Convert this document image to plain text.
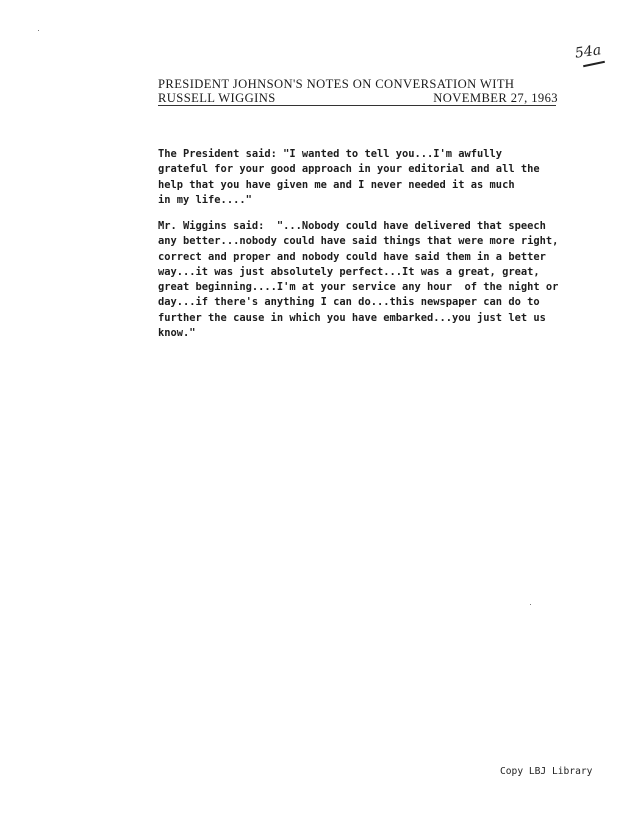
54a
PRESIDENT JOHNSON'S NOTES ON CONVERSATION WITH
RUSSELL WIGGINS	NOVEMBER 27, 1963
The President said: "I wanted to tell you...I'm awfully
grateful for your good approach in your editorial and all the
help that you have given me and I never needed it as much
in my life...."
Mr. Wiggins said:  "...Nobody could have delivered that speech
any better...nobody could have said things that were more right,
correct and proper and nobody could have said them in a better
way...it was just absolutely perfect...It was a great, great,
great beginning....I'm at your service any hour  of the night or
day...if there's anything I can do...this newspaper can do to
further the cause in which you have embarked...you just let us
know."
Copy LBJ Library
